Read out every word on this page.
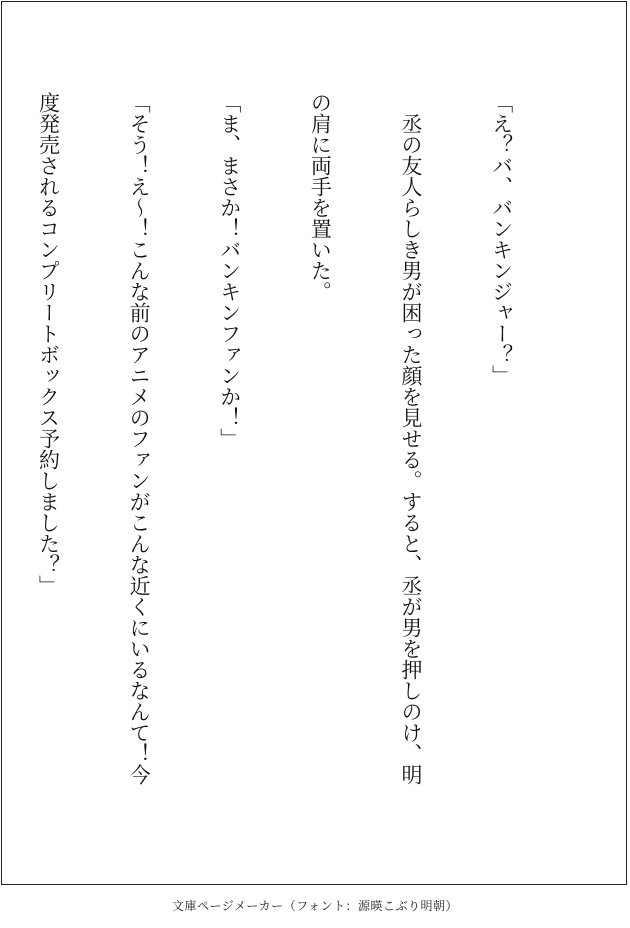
「え？バ、バンキンジャー？」

　丞の友人らしき男が困った顔を見せる。すると、丞が男を押しのけ、明

の肩に両手を置いた。

「ま、まさか！バンキンファンか！」

「そう！え〜！こんな前のアニメのファンがこんな近くにいるなんて！今

度発売されるコンプリートボックス予約しました？」

文庫ページメーカー（フォント：源暎こぶり明朝）
